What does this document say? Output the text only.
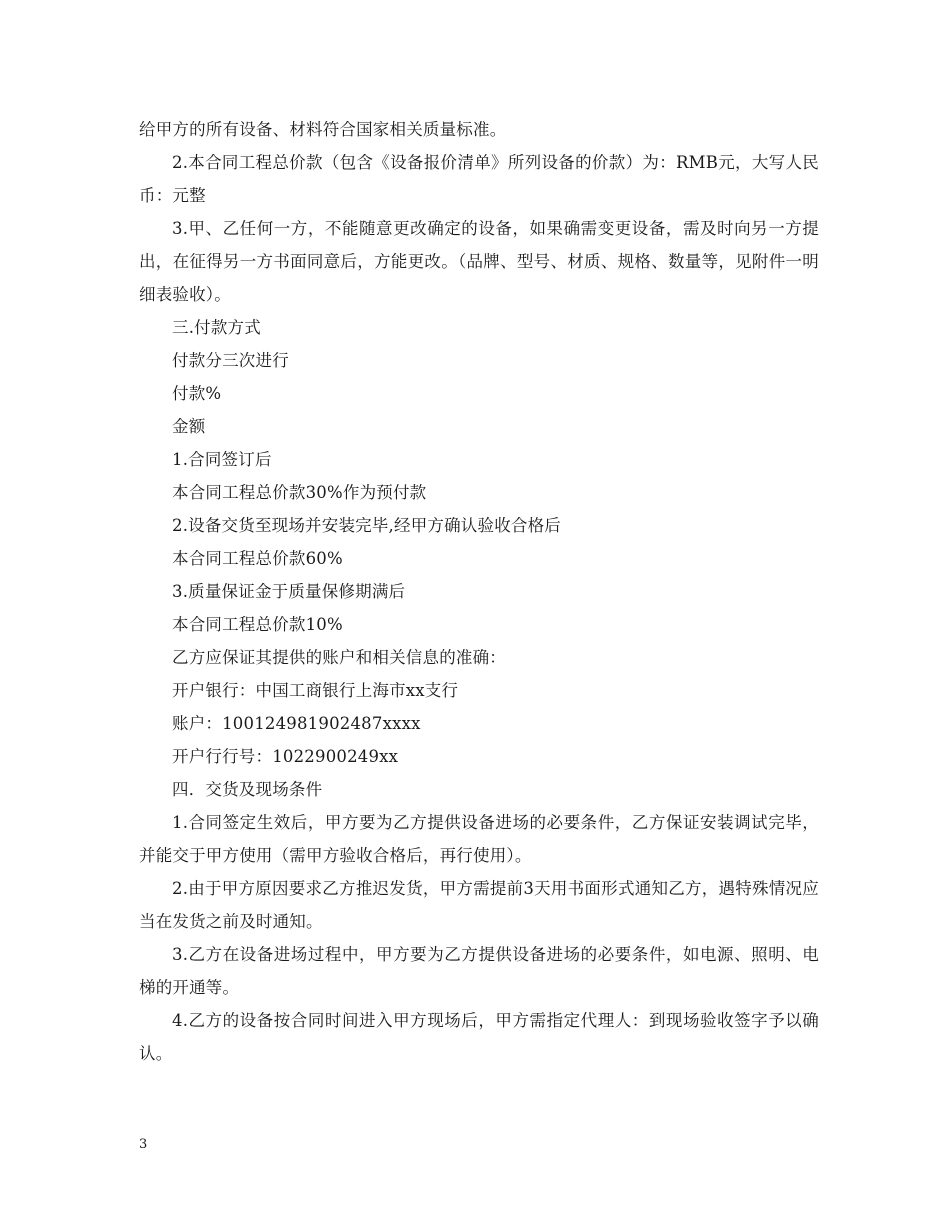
给甲方的所有设备、材料符合国家相关质量标准。

2.本合同工程总价款（包含《设备报价清单》所列设备的价款）为：RMB元，大写人民币：元整

3.甲、乙任何一方，不能随意更改确定的设备，如果确需变更设备，需及时向另一方提出，在征得另一方书面同意后，方能更改。（品牌、型号、材质、规格、数量等，见附件一明细表验收）。

三.付款方式

付款分三次进行

付款%

金额

1.合同签订后

本合同工程总价款30%作为预付款

2.设备交货至现场并安装完毕,经甲方确认验收合格后

本合同工程总价款60%

3.质量保证金于质量保修期满后

本合同工程总价款10%

乙方应保证其提供的账户和相关信息的准确：

开户银行：中国工商银行上海市xx支行

账户：100124981902487xxxx

开户行行号：1022900249xx

四．交货及现场条件

1.合同签定生效后，甲方要为乙方提供设备进场的必要条件，乙方保证安装调试完毕，并能交于甲方使用（需甲方验收合格后，再行使用）。

2.由于甲方原因要求乙方推迟发货，甲方需提前3天用书面形式通知乙方，遇特殊情况应当在发货之前及时通知。

3.乙方在设备进场过程中，甲方要为乙方提供设备进场的必要条件，如电源、照明、电梯的开通等。

4.乙方的设备按合同时间进入甲方现场后，甲方需指定代理人：到现场验收签字予以确认。

3
